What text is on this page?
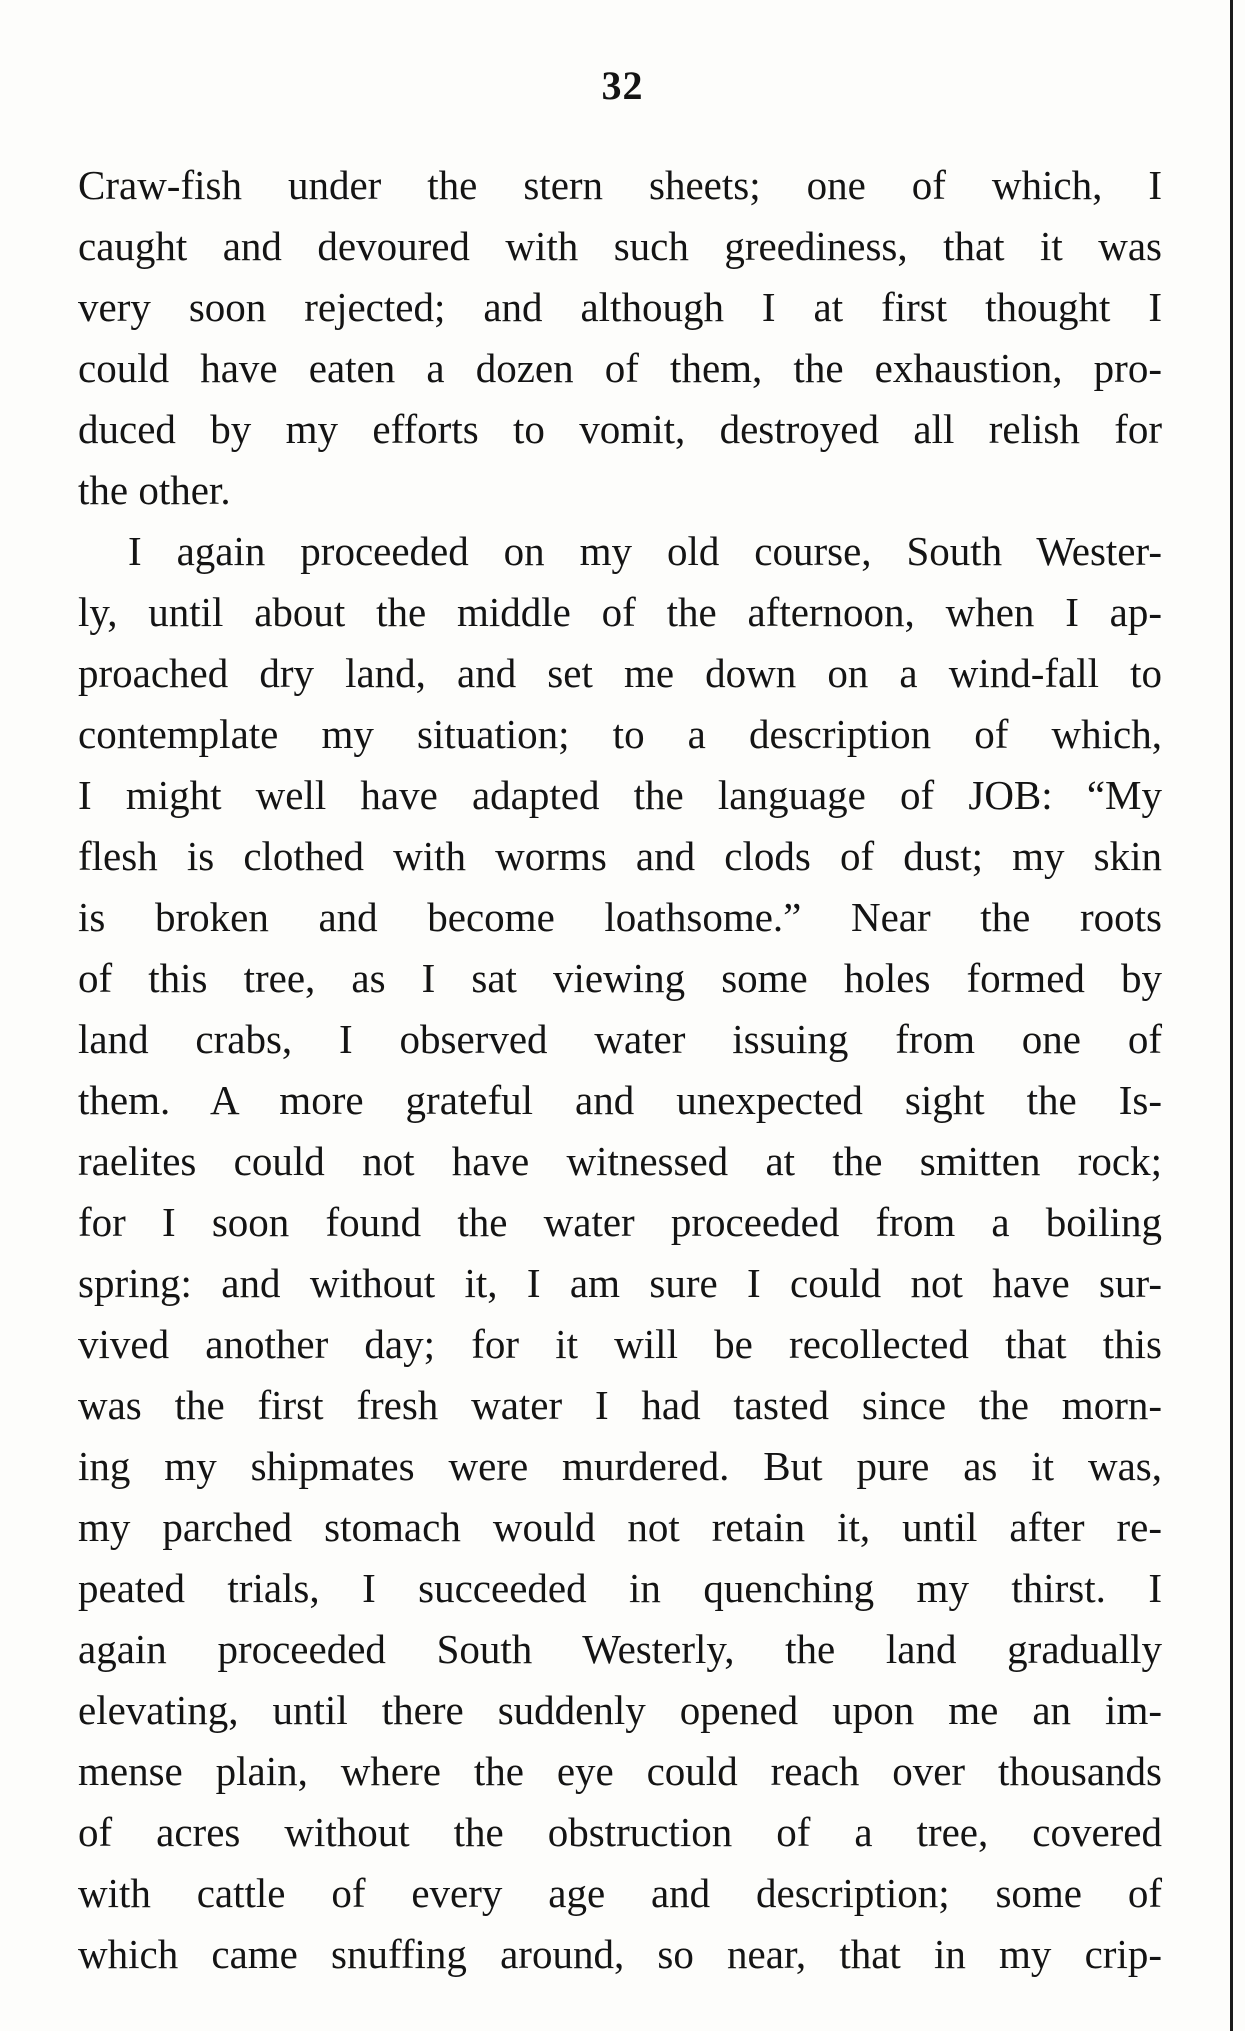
32
Craw-fish under the stern sheets; one of which, I
caught and devoured with such greediness, that it was
very soon rejected; and although I at first thought I
could have eaten a dozen of them, the exhaustion, pro-
duced by my efforts to vomit, destroyed all relish for
the other.
I again proceeded on my old course, South Wester-
ly, until about the middle of the afternoon, when I ap-
proached dry land, and set me down on a wind-fall to
contemplate my situation; to a description of which,
I might well have adapted the language of JOB: “My
flesh is clothed with worms and clods of dust; my skin
is broken and become loathsome.” Near the roots
of this tree, as I sat viewing some holes formed by
land crabs, I observed water issuing from one of
them. A more grateful and unexpected sight the Is-
raelites could not have witnessed at the smitten rock;
for I soon found the water proceeded from a boiling
spring: and without it, I am sure I could not have sur-
vived another day; for it will be recollected that this
was the first fresh water I had tasted since the morn-
ing my shipmates were murdered. But pure as it was,
my parched stomach would not retain it, until after re-
peated trials, I succeeded in quenching my thirst. I
again proceeded South Westerly, the land gradually
elevating, until there suddenly opened upon me an im-
mense plain, where the eye could reach over thousands
of acres without the obstruction of a tree, covered
with cattle of every age and description; some of
which came snuffing around, so near, that in my crip-
